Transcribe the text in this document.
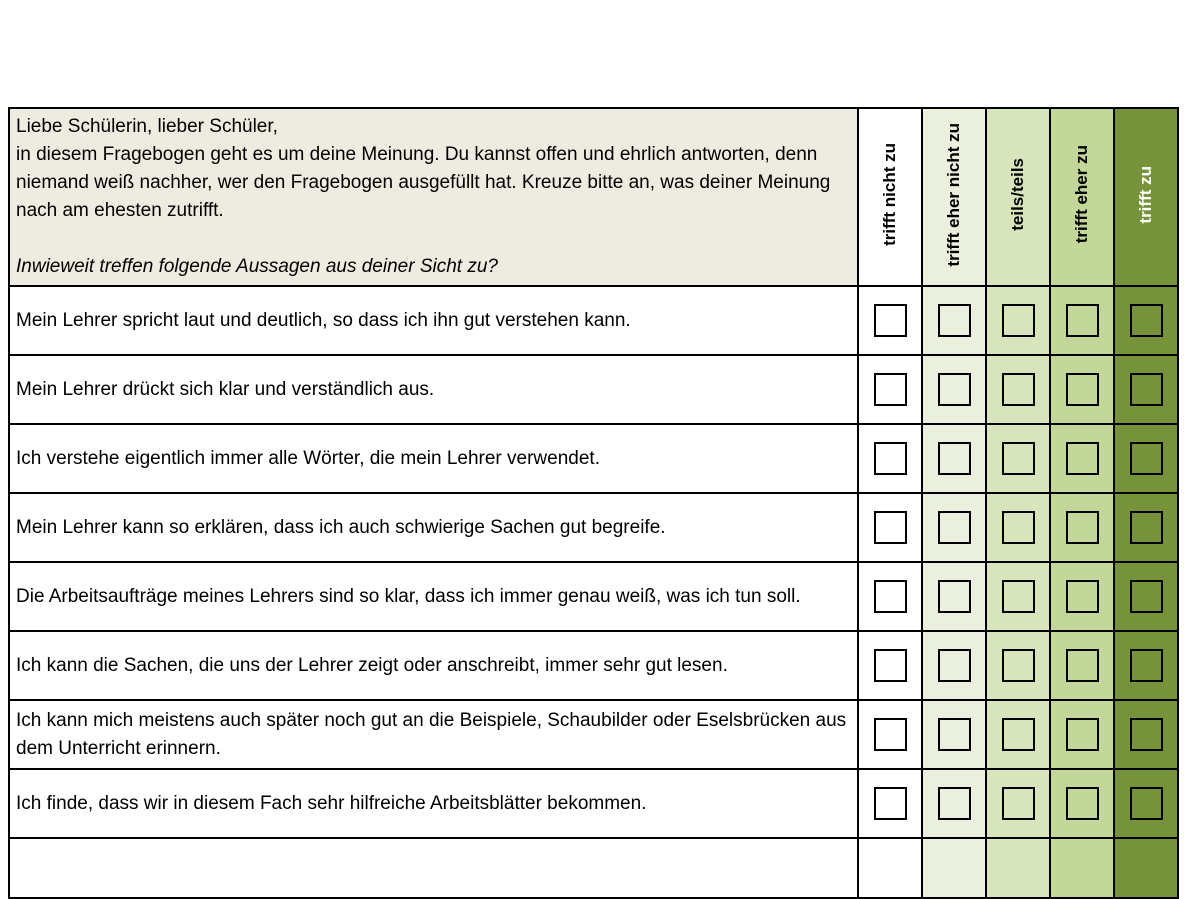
Liebe Schülerin, lieber Schüler,

in diesem Fragebogen geht es um deine Meinung. Du kannst offen und ehrlich antworten, denn niemand weiß nachher, wer den Fragebogen ausgefüllt hat. Kreuze bitte an, was deiner Meinung nach am ehesten zutrifft.

Inwieweit treffen folgende Aussagen aus deiner Sicht zu?	trifft nicht zu	trifft eher nicht zu	teils/teils	trifft eher zu	trifft zu
Mein Lehrer spricht laut und deutlich, so dass ich ihn gut verstehen kann.	

Mein Lehrer drückt sich klar und verständlich aus.	

Ich verstehe eigentlich immer alle Wörter, die mein Lehrer verwendet.	

Mein Lehrer kann so erklären, dass ich auch schwierige Sachen gut begreife.	

Die Arbeitsaufträge meines Lehrers sind so klar, dass ich immer genau weiß, was ich tun soll.	

Ich kann die Sachen, die uns der Lehrer zeigt oder anschreibt, immer sehr gut lesen.	

Ich kann mich meistens auch später noch gut an die Beispiele, Schaubilder oder Eselsbrücken aus dem Unterricht erinnern.	

Ich finde, dass wir in diesem Fach sehr hilfreiche Arbeitsblätter bekommen.	
